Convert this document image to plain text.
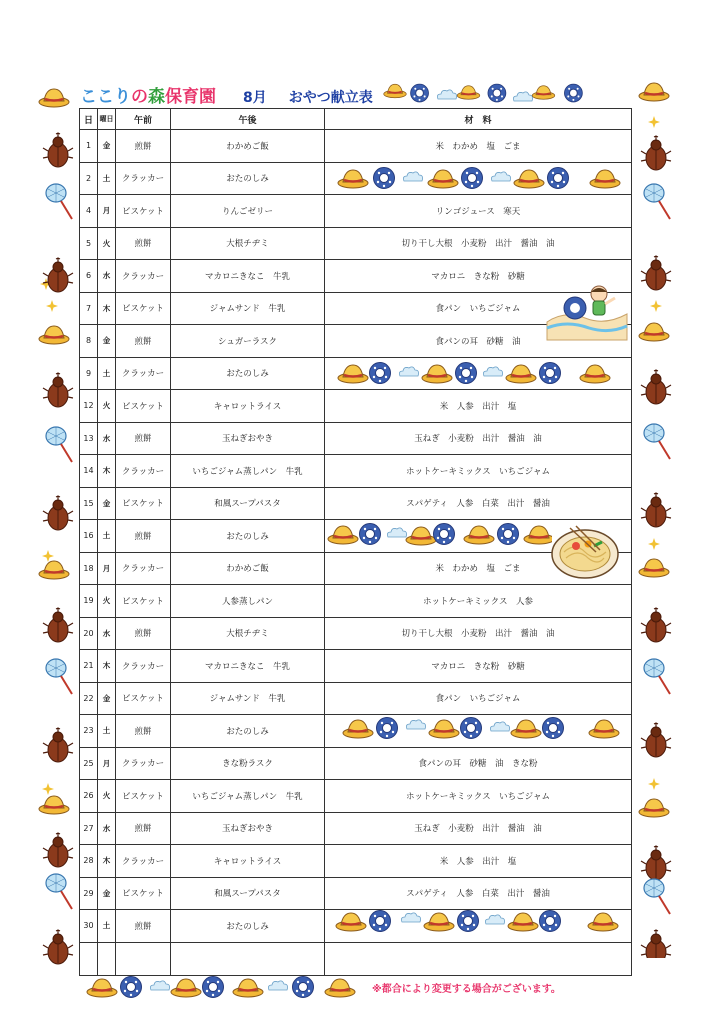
ここりの森保育園 8月 おやつ献立表
日	曜日	午前	午後	材　料
1	金	煎餅	わかめご飯	米　わかめ　塩　ごま
2	土	クラッカー	おたのしみ	
4	月	ビスケット	りんごゼリー	リンゴジュース　寒天
5	火	煎餅	大根チヂミ	切り干し大根　小麦粉　出汁　醤油　油
6	水	クラッカー	マカロニきなこ　牛乳	マカロニ　きな粉　砂糖
7	木	ビスケット	ジャムサンド　牛乳	食パン　いちごジャム
8	金	煎餅	シュガーラスク	食パンの耳　砂糖　油
9	土	クラッカー	おたのしみ	
12	火	ビスケット	キャロットライス	米　人参　出汁　塩
13	水	煎餅	玉ねぎおやき	玉ねぎ　小麦粉　出汁　醤油　油
14	木	クラッカー	いちごジャム蒸しパン　牛乳	ホットケーキミックス　いちごジャム
15	金	ビスケット	和風スープパスタ	スパゲティ　人参　白菜　出汁　醤油
16	土	煎餅	おたのしみ	
18	月	クラッカー	わかめご飯	米　わかめ　塩　ごま
19	火	ビスケット	人参蒸しパン	ホットケーキミックス　人参
20	水	煎餅	大根チヂミ	切り干し大根　小麦粉　出汁　醤油　油
21	木	クラッカー	マカロニきなこ　牛乳	マカロニ　きな粉　砂糖
22	金	ビスケット	ジャムサンド　牛乳	食パン　いちごジャム
23	土	煎餅	おたのしみ	
25	月	クラッカー	きな粉ラスク	食パンの耳　砂糖　油　きな粉
26	火	ビスケット	いちごジャム蒸しパン　牛乳	ホットケーキミックス　いちごジャム
27	水	煎餅	玉ねぎおやき	玉ねぎ　小麦粉　出汁　醤油　油
28	木	クラッカー	キャロットライス	米　人参　出汁　塩
29	金	ビスケット	和風スープパスタ	スパゲティ　人参　白菜　出汁　醤油
30	土	煎餅	おたのしみ	

※都合により変更する場合がございます。
